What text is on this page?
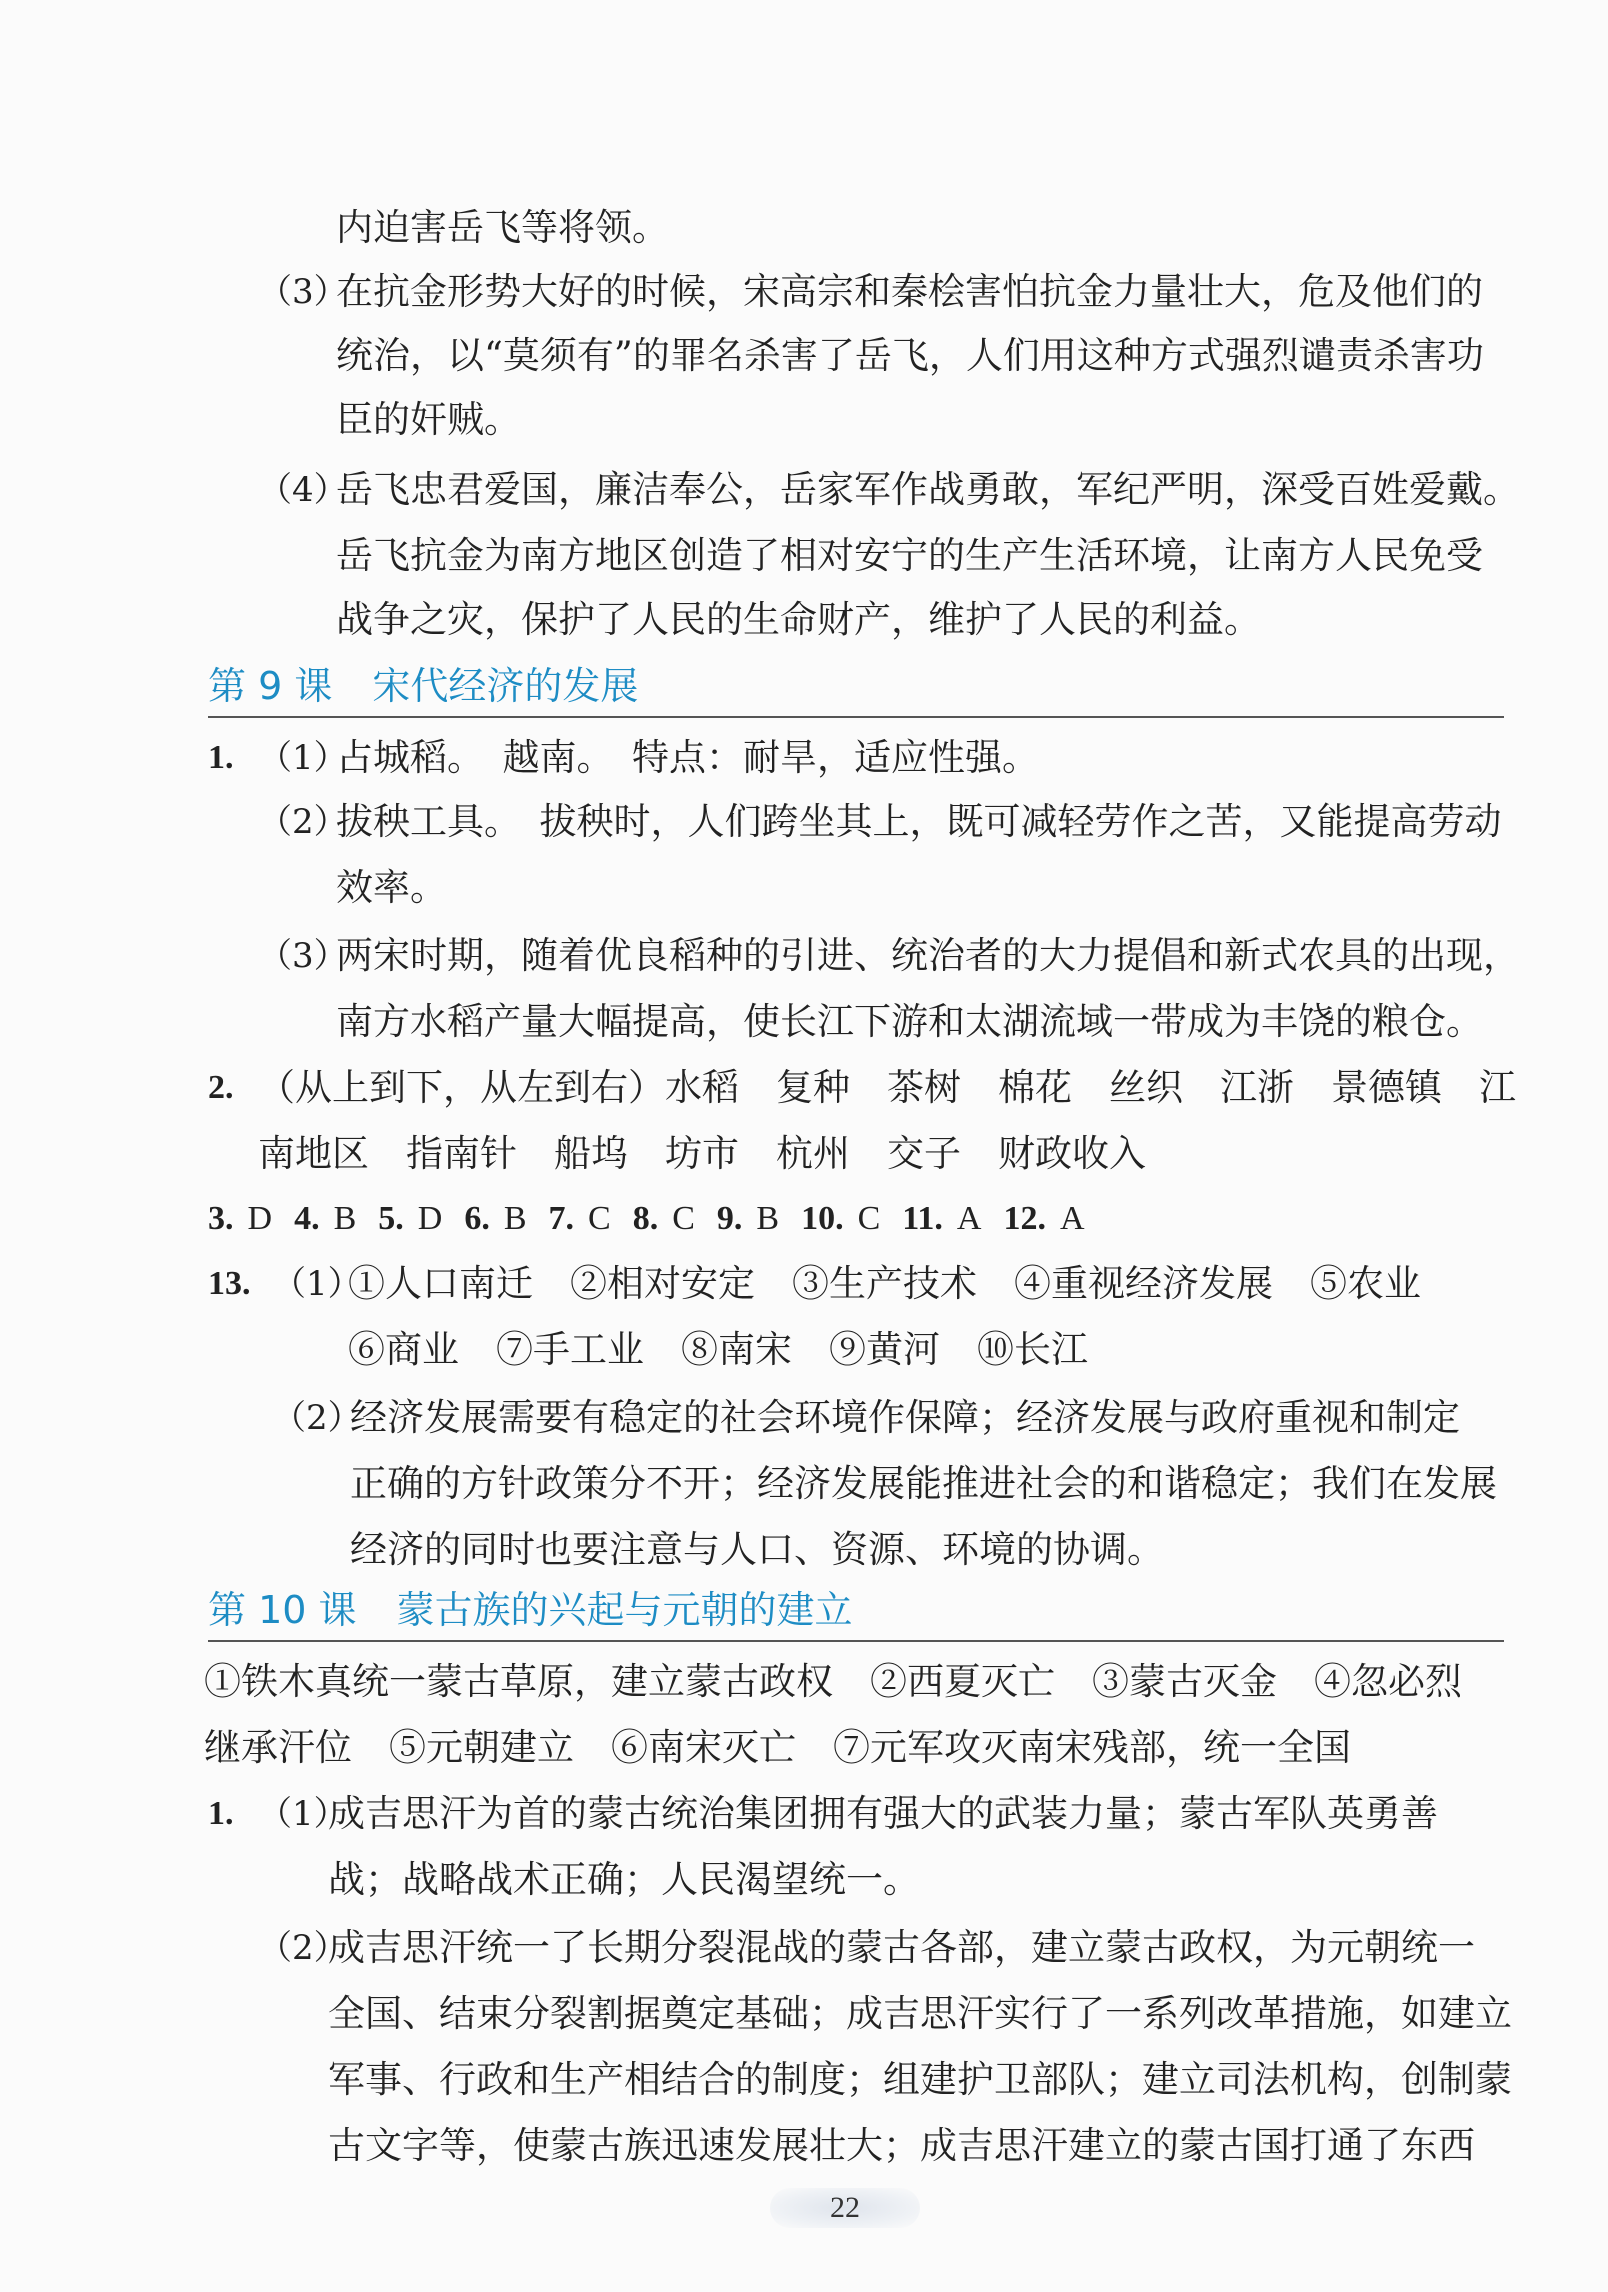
内迫害岳飞等将领。
（3）
在抗金形势大好的时候，宋高宗和秦桧害怕抗金力量壮大，危及他们的
统治，以“莫须有”的罪名杀害了岳飞，人们用这种方式强烈谴责杀害功
臣的奸贼。
（4）
岳飞忠君爱国，廉洁奉公，岳家军作战勇敢，军纪严明，深受百姓爱戴。
岳飞抗金为南方地区创造了相对安宁的生产生活环境，让南方人民免受
战争之灾，保护了人民的生命财产，维护了人民的利益。
第 9 课 宋代经济的发展
1. （1）
占城稻。　越南。　特点：耐旱，适应性强。
（2）
拔秧工具。　拔秧时，人们跨坐其上，既可减轻劳作之苦，又能提高劳动
效率。
（3）
两宋时期，随着优良稻种的引进、统治者的大力提倡和新式农具的出现，
南方水稻产量大幅提高，使长江下游和太湖流域一带成为丰饶的粮仓。
2. （从上到下，从左到右）水稻　复种　茶树　棉花　丝织　江浙　景德镇　江
南地区　指南针　船坞　坊市　杭州　交子　财政收入
3. D 4. B 5. D 6. B 7. C 8. C 9. B 10. C 11. A 12. A
13. （1）
①人口南迁　②相对安定　③生产技术　④重视经济发展　⑤农业
⑥商业　⑦手工业　⑧南宋　⑨黄河　⑩长江
（2）
经济发展需要有稳定的社会环境作保障；经济发展与政府重视和制定
正确的方针政策分不开；经济发展能推进社会的和谐稳定；我们在发展
经济的同时也要注意与人口、资源、环境的协调。
第 10 课 蒙古族的兴起与元朝的建立
①铁木真统一蒙古草原，建立蒙古政权　②西夏灭亡　③蒙古灭金　④忽必烈
继承汗位　⑤元朝建立　⑥南宋灭亡　⑦元军攻灭南宋残部，统一全国
1. （1）
成吉思汗为首的蒙古统治集团拥有强大的武装力量；蒙古军队英勇善
战；战略战术正确；人民渴望统一。
（2）
成吉思汗统一了长期分裂混战的蒙古各部，建立蒙古政权，为元朝统一
全国、结束分裂割据奠定基础；成吉思汗实行了一系列改革措施，如建立
军事、行政和生产相结合的制度；组建护卫部队；建立司法机构，创制蒙
古文字等，使蒙古族迅速发展壮大；成吉思汗建立的蒙古国打通了东西
22
